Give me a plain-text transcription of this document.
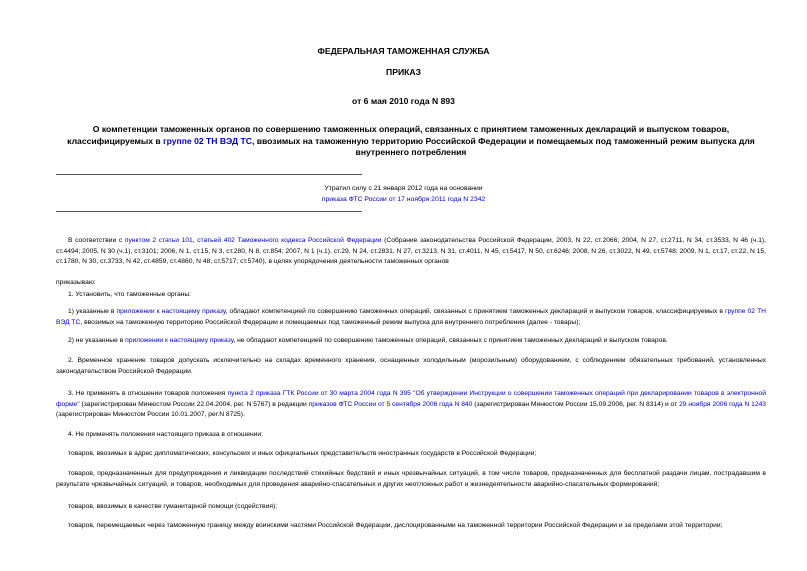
ФЕДЕРАЛЬНАЯ ТАМОЖЕННАЯ СЛУЖБА
ПРИКАЗ
от 6 мая 2010 года N 893
О компетенции таможенных органов по совершению таможенных операций, связанных с принятием таможенных деклараций и выпуском товаров, классифицируемых в группе 02 ТН ВЭД ТС, ввозимых на таможенную территорию Российской Федерации и помещаемых под таможенный режим выпуска для внутреннего потребления
Утратил силу с 21 января 2012 года на основании
приказа ФТС России от 17 ноября 2011 года N 2342
В соответствии с пунктом 2 статьи 101, статьей 402 Таможенного кодекса Российской Федерации (Собрание законодательства Российской Федерации, 2003, N 22, ст.2066; 2004, N 27, ст.2711, N 34, ст.3533, N 46 (ч.1), ст.4494; 2005, N 30 (ч.1), ст.3101; 2006, N 1, ст.15, N 3, ст.280, N 8, ст.854; 2007, N 1 (ч.1), ст.29, N 24, ст.2831, N 27, ст.3213, N 31, ст.4011, N 45, ст.5417, N 50, ст.6246; 2008, N 26, ст.3022, N 49, ст.5748; 2009, N 1, ст.17, ст.22, N 15, ст.1780, N 30, ст.3733, N 42, ст.4859, ст.4860, N 48, ст.5717; ст.5740), в целях упорядочения деятельности таможенных органов
приказываю:
1. Установить, что таможенные органы:
1) указанные в приложении к настоящему приказу, обладают компетенцией по совершению таможенных операций, связанных с принятием таможенных деклараций и выпуском товаров, классифицируемых в группе 02 ТН ВЭД ТС, ввозимых на таможенную территорию Российской Федерации и помещаемых под таможенный режим выпуска для внутреннего потребления (далее - товары);
2) не указанные в приложении к настоящему приказу, не обладают компетенцией по совершению таможенных операций, связанных с принятием таможенных деклараций и выпуском товаров.
2. Временное хранение товаров допускать исключительно на складах временного хранения, оснащенных холодильным (морозильным) оборудованием, с соблюдением обязательных требований, установленных законодательством Российской Федерации.
3. Не применять в отношении товаров положения пункта 2 приказа ГТК России от 30 марта 2004 года N 395 "Об утверждении Инструкции о совершении таможенных операций при декларировании товаров в электронной форме" (зарегистрирован Минюстом России 22.04.2004, рег. N 5767) в редакции приказов ФТС России от 5 сентября 2006 года N 840 (зарегистрирован Минюстом России 15.09.2006, рег. N 8314) и от 29 ноября 2006 года N 1243 (зарегистрирован Минюстом России 10.01.2007, рег.N 8725).
4. Не применять положения настоящего приказа в отношении:
товаров, ввозимых в адрес дипломатических, консульских и иных официальных представительств иностранных государств в Российской Федерации;
товаров, предназначенных для предупреждения и ликвидации последствий стихийных бедствий и иных чрезвычайных ситуаций, в том числе товаров, предназначенных для бесплатной раздачи лицам, пострадавшим в результате чрезвычайных ситуаций, и товаров, необходимых для проведения аварийно-спасательных и других неотложных работ и жизнедеятельности аварийно-спасательных формирований;
товаров, ввозимых в качестве гуманитарной помощи (содействия);
товаров, перемещаемых через таможенную границу между воинскими частями Российской Федерации, дислоцированными на таможенной территории Российской Федерации и за пределами этой территории;
